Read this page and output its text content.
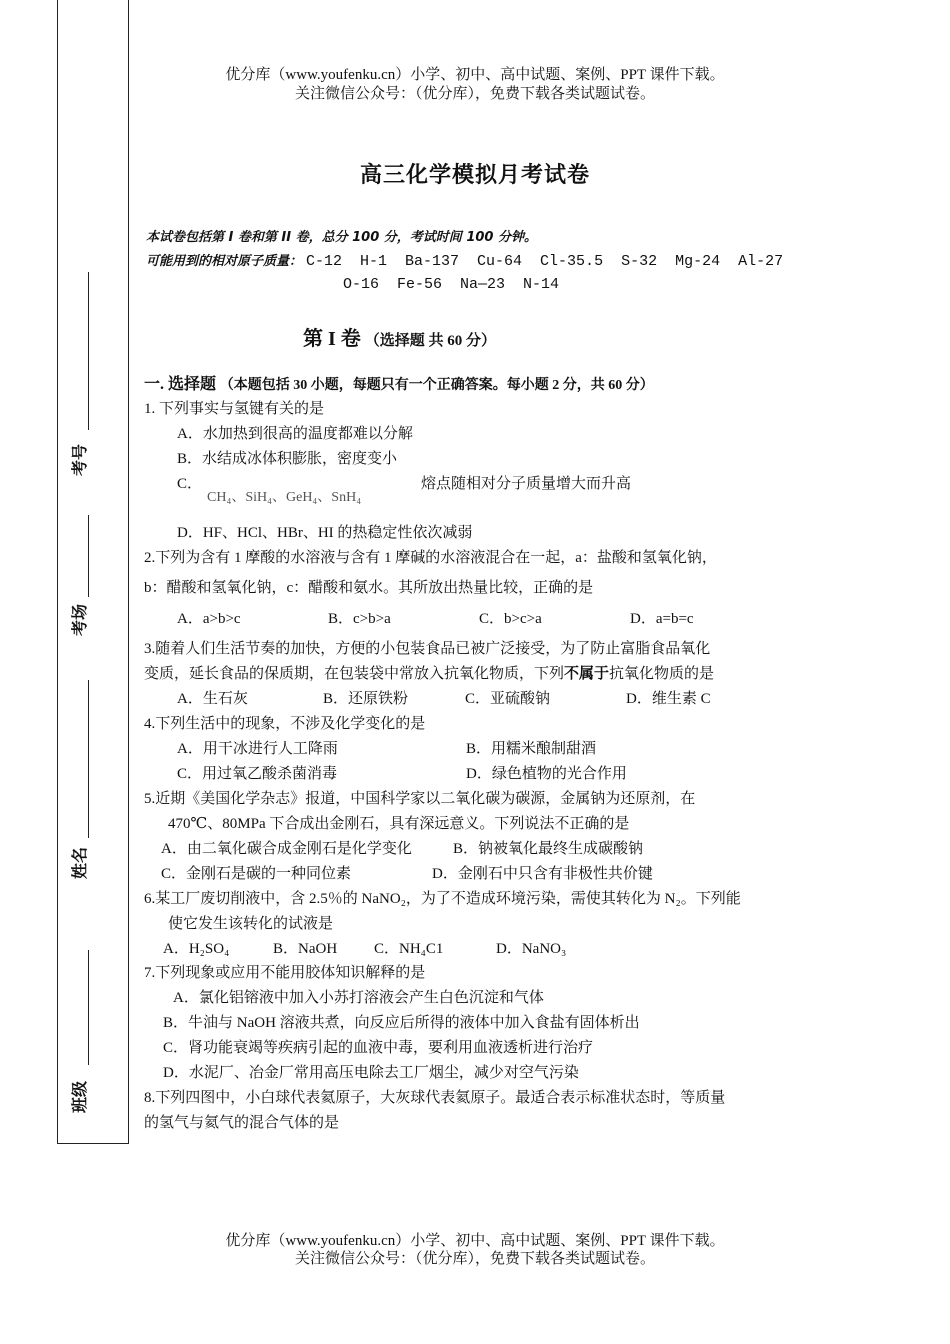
优分库（www.youfenku.cn）小学、初中、高中试题、案例、PPT 课件下载。
关注微信公众号：（优分库），免费下载各类试题试卷。
考号
考场
姓名
班级
高三化学模拟月考试卷
本试卷包括第 I 卷和第 II 卷，总分 100 分，考试时间 100 分钟。
可能用到的相对原子质量： C-12  H-1  Ba-137  Cu-64  Cl-35.5  S-32  Mg-24  Al-27
O-16  Fe-56  Na—23  N-14
第 I 卷 （选择题 共 60 分）
一. 选择题 （本题包括 30 小题，每题只有一个正确答案。每小题 2 分，共 60 分）
1. 下列事实与氢键有关的是
A．水加热到很高的温度都难以分解
B．水结成冰体积膨胀，密度变小
C．
CH₄、SiH₄、GeH₄、SnH₄
熔点随相对分子质量增大而升高
D．HF、HCl、HBr、HI 的热稳定性依次减弱
2.下列为含有 1 摩酸的水溶液与含有 1 摩碱的水溶液混合在一起，a：盐酸和氢氧化钠，
b：醋酸和氢氧化钠，c：醋酸和氨水。其所放出热量比较，正确的是
A．a>b>c	B．c>b>a	C．b>c>a	D．a=b=c
3.随着人们生活节奏的加快，方便的小包装食品已被广泛接受，为了防止富脂食品氧化
变质，延长食品的保质期，在包装袋中常放入抗氧化物质，下列不属于抗氧化物质的是
A．生石灰	B．还原铁粉	C．亚硫酸钠	D．维生素 C
4.下列生活中的现象，不涉及化学变化的是
A．用干冰进行人工降雨	B．用糯米酿制甜酒
C．用过氧乙酸杀菌消毒	D．绿色植物的光合作用
5.近期《美国化学杂志》报道，中国科学家以二氧化碳为碳源，金属钠为还原剂，在
470℃、80MPa 下合成出金刚石，具有深远意义。下列说法不正确的是
A．由二氧化碳合成金刚石是化学变化	B．钠被氧化最终生成碳酸钠
C．金刚石是碳的一种同位素	D．金刚石中只含有非极性共价键
6.某工厂废切削液中，含 2.5％的 NaNO₂，为了不造成环境污染，需使其转化为 N₂。下列能
使它发生该转化的试液是
A．H₂SO₄	B．NaOH C．NH₄C1	D．NaNO₃
7.下列现象或应用不能用胶体知识解释的是
A．氯化铝镕液中加入小苏打溶液会产生白色沉淀和气体
B．牛油与 NaOH 溶液共煮，向反应后所得的液体中加入食盐有固体析出
C．肾功能衰竭等疾病引起的血液中毒，要利用血液透析进行治疗
D．水泥厂、冶金厂常用高压电除去工厂烟尘，减少对空气污染
8.下列四图中，小白球代表氦原子，大灰球代表氦原子。最适合表示标准状态时，等质量
的氢气与氦气的混合气体的是
优分库（www.youfenku.cn）小学、初中、高中试题、案例、PPT 课件下载。
关注微信公众号：（优分库），免费下载各类试题试卷。
